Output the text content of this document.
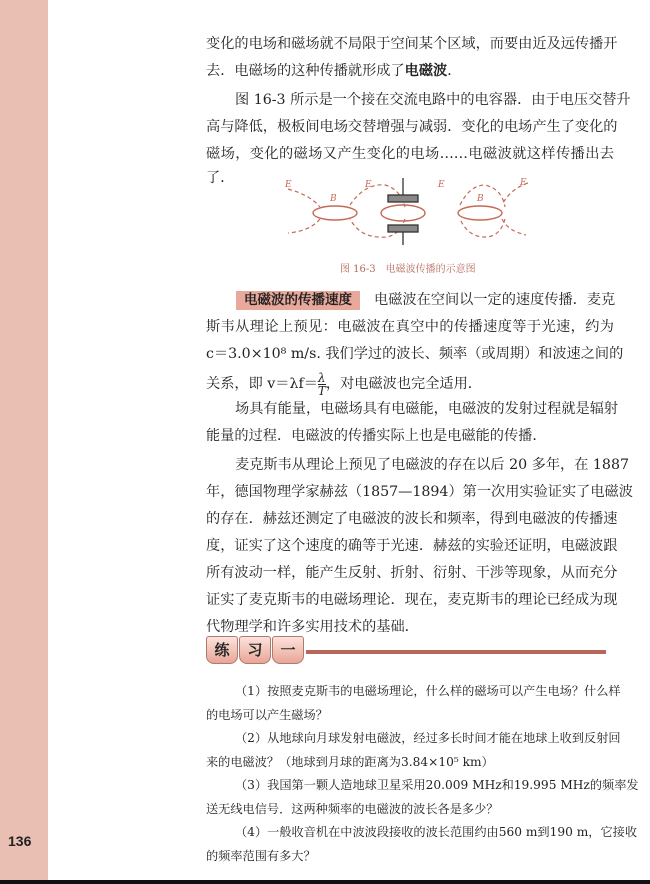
136
变化的电场和磁场就不局限于空间某个区域，而要由近及远传播开
去．电磁场的这种传播就形成了电磁波．
图 16-3 所示是一个接在交流电路中的电容器．由于电压交替升
高与降低，极板间电场交替增强与减弱．变化的电场产生了变化的
磁场，变化的磁场又产生变化的电场……电磁波就这样传播出去
了．	E
B
E	E
B
E
图 16-3　电磁波传播的示意图
电磁波的传播速度 电磁波在空间以一定的速度传播．麦克
斯韦从理论上预见：电磁波在真空中的传播速度等于光速，约为
c＝3.0×10⁸ m/s. 我们学过的波长、频率（或周期）和波速之间的
关系，即 $v=\lambda f= \frac{\lambda}{T}$ ，对电磁波也完全适用．
场具有能量，电磁场具有电磁能，电磁波的发射过程就是辐射
能量的过程．电磁波的传播实际上也是电磁能的传播．
麦克斯韦从理论上预见了电磁波的存在以后 20 多年，在 1887
年，德国物理学家赫兹（1857—1894）第一次用实验证实了电磁波
的存在．赫兹还测定了电磁波的波长和频率，得到电磁波的传播速
度，证实了这个速度的确等于光速．赫兹的实验还证明，电磁波跟
所有波动一样，能产生反射、折射、衍射、干涉等现象，从而充分
证实了麦克斯韦的电磁场理论．现在，麦克斯韦的理论已经成为现
代物理学和许多实用技术的基础．
练	习	一
（1）按照麦克斯韦的电磁场理论，什么样的磁场可以产生电场？什么样
的电场可以产生磁场？
（2）从地球向月球发射电磁波，经过多长时间才能在地球上收到反射回
来的电磁波？（地球到月球的距离为3.84×10⁵ km）
（3）我国第一颗人造地球卫星采用20.009 MHz和19.995 MHz的频率发
送无线电信号．这两种频率的电磁波的波长各是多少？
（4）一般收音机在中波波段接收的波长范围约由560 m到190 m，它接收
的频率范围有多大？
